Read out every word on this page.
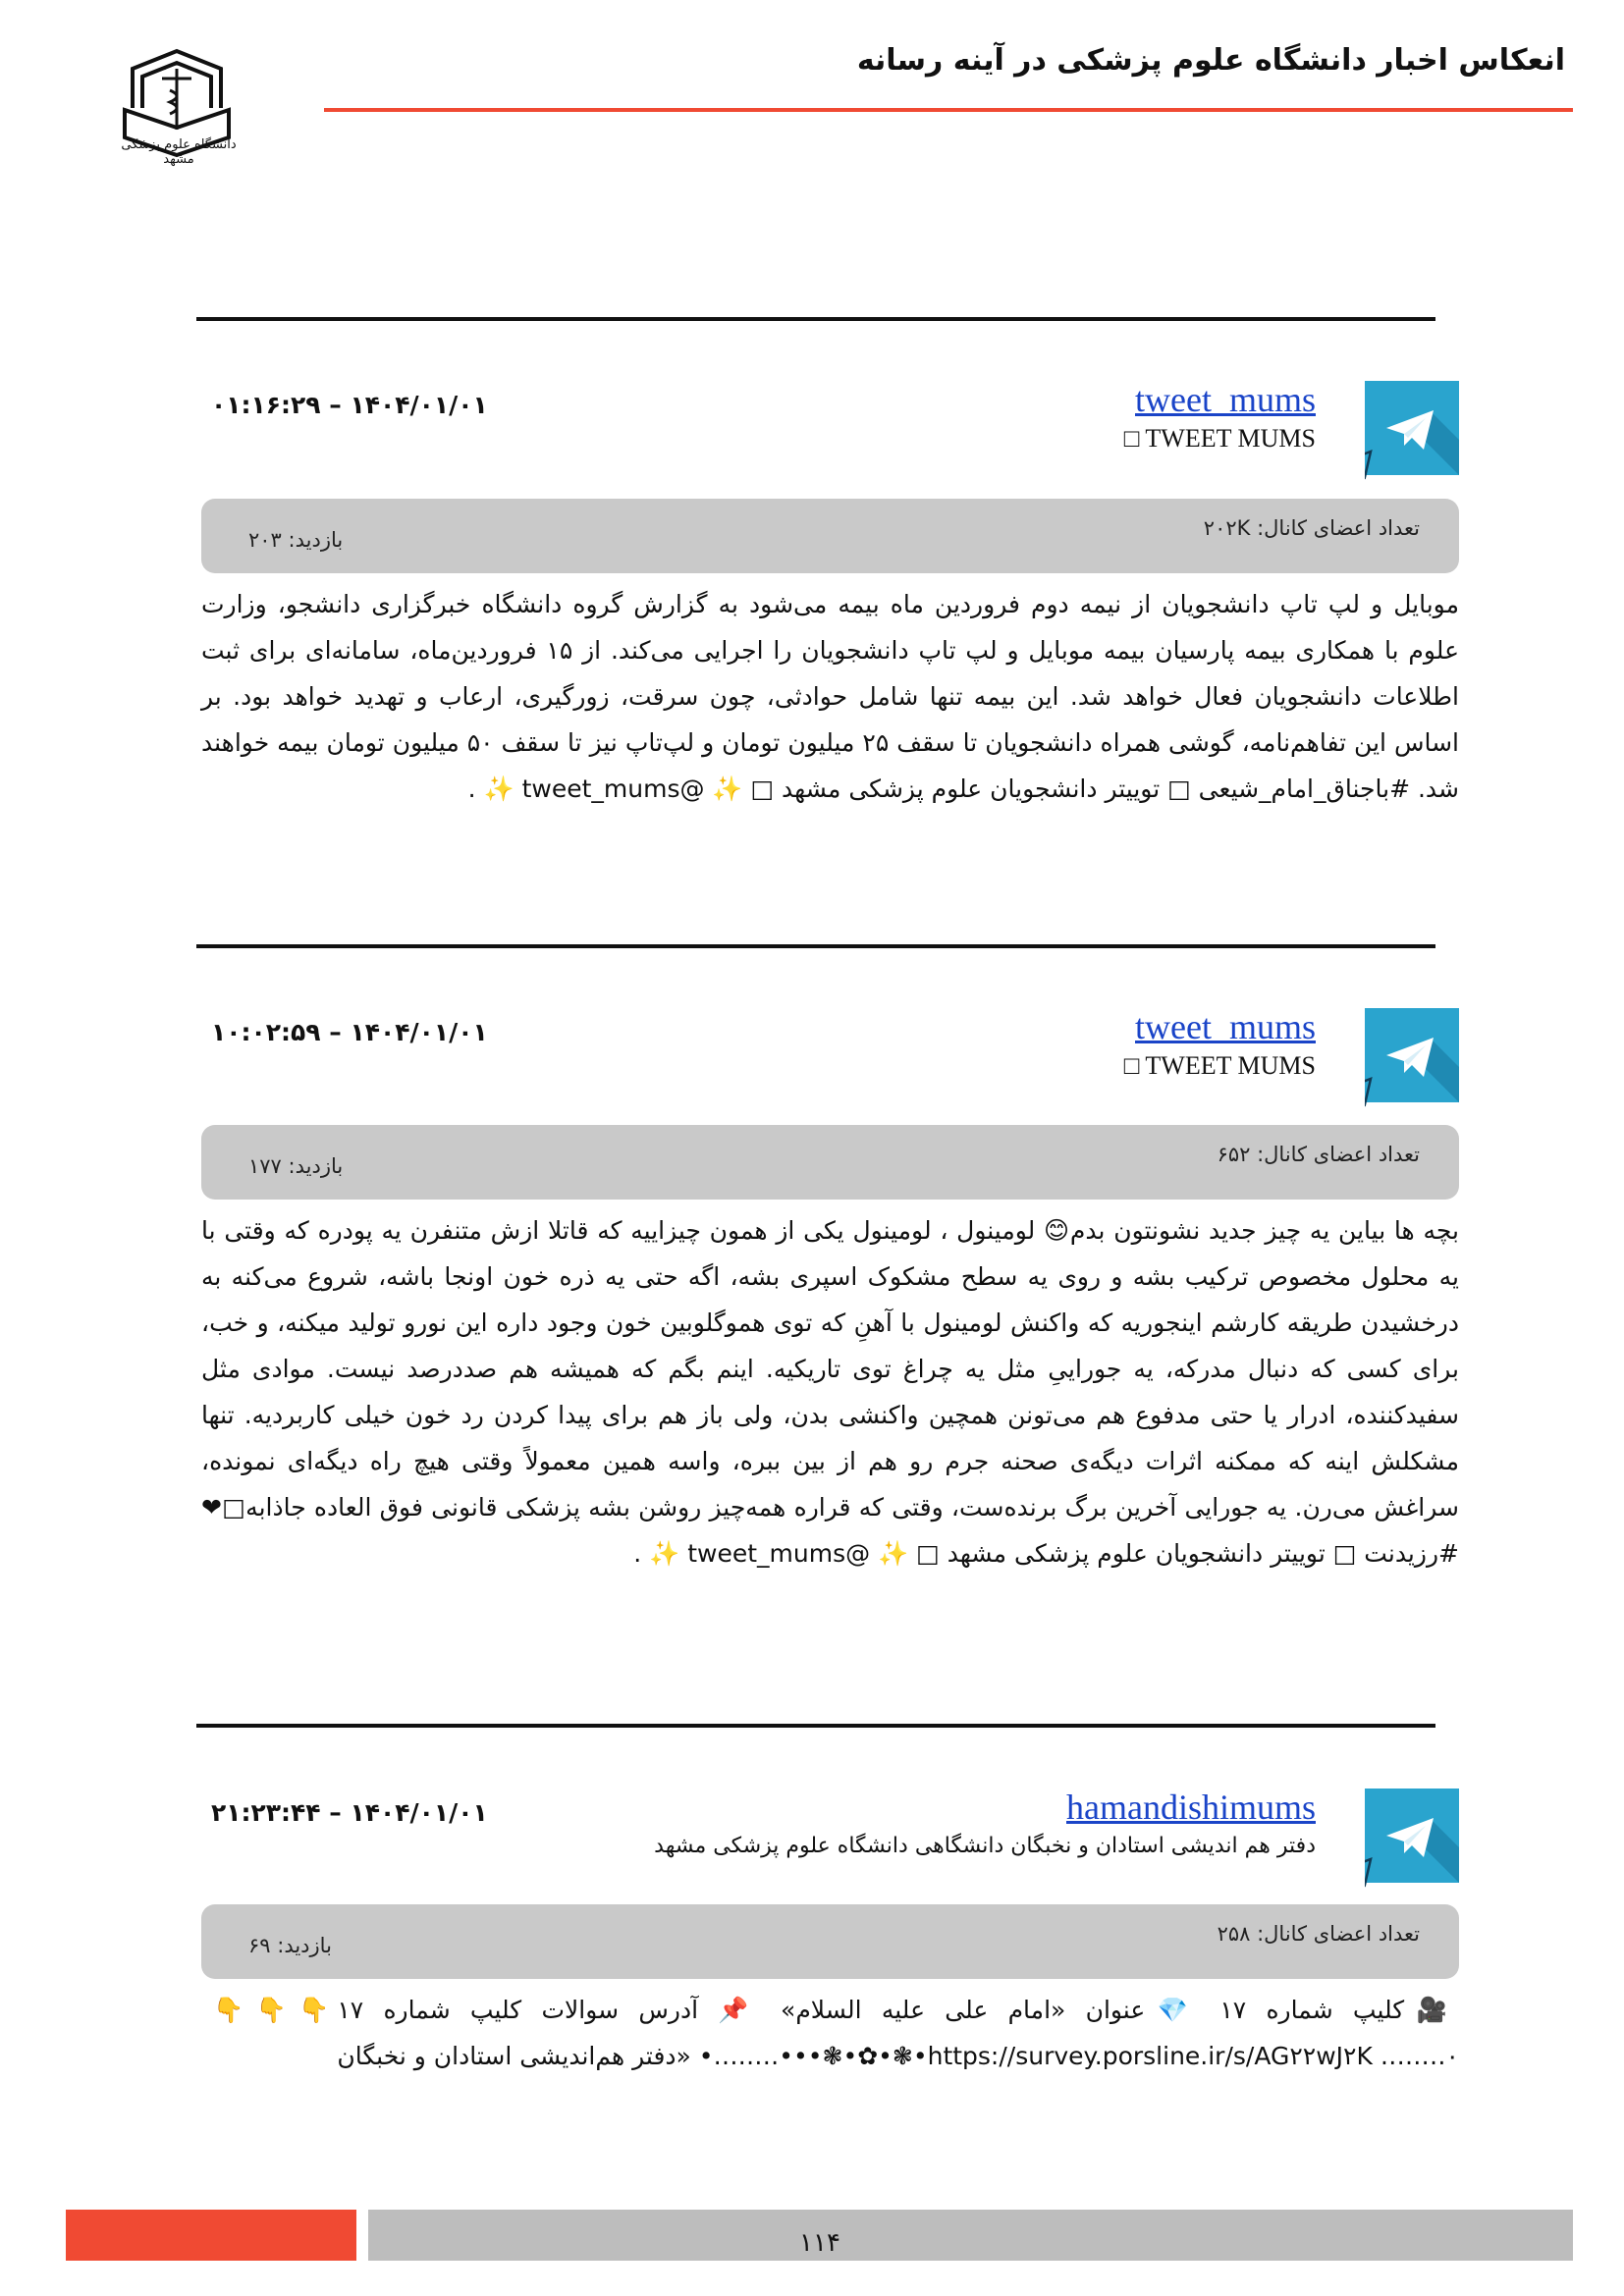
انعکاس اخبار دانشگاه علوم پزشکی در آینه رسانه
دانشگاه علوم پزشکی مشهد
tweet_mums
□ TWEET MUMS
۰۱:۱۶:۲۹ – ۱۴۰۴/۰۱/۰۱
تعداد اعضای کانال: ۲۰۲K
بازدید: ۲۰۳
موبایل و لپ تاپ دانشجویان از نیمه دوم فروردین ماه بیمه می‌شود به گزارش گروه دانشگاه خبرگزاری دانشجو، وزارت علوم با همکاری بیمه پارسیان بیمه موبایل و لپ تاپ دانشجویان را اجرایی می‌کند. از ۱۵ فروردین‌ماه، سامانه‌ای برای ثبت اطلاعات دانشجویان فعال خواهد شد. این بیمه تنها شامل حوادثی، چون سرقت، زورگیری، ارعاب و تهدید خواهد بود. بر اساس این تفاهم‌نامه، گوشی همراه دانشجویان تا سقف ۲۵ میلیون تومان و لپ‌تاپ نیز تا سقف ۵۰ میلیون تومان بیمه خواهند شد. #باجناق_امام_شیعی □ توییتر دانشجویان علوم پزشکی مشهد □ ✨ @tweet_mums ✨ .
tweet_mums
□ TWEET MUMS
۱۰:۰۲:۵۹ – ۱۴۰۴/۰۱/۰۱
تعداد اعضای کانال: ۶۵۲
بازدید: ۱۷۷
بچه ها بیاین یه چیز جدید نشونتون بدم😊 لومینول ، لومینول یکی از همون چیزاییه که قاتلا ازش متنفرن یه پودره که وقتی با یه محلول مخصوص ترکیب بشه و روی یه سطح مشکوک اسپری بشه، اگه حتی یه ذره خون اونجا باشه، شروع می‌کنه به درخشیدن طریقه کارشم اینجوریه که واکنش لومینول با آهنِ که توی هموگلوبین خون وجود داره این نورو تولید میکنه، و خب، برای کسی که دنبال مدرکه، یه جوراییِ مثل یه چراغ توی تاریکیه. اینم بگم که همیشه هم صددرصد نیست. موادی مثل سفیدکننده، ادرار یا حتی مدفوع هم می‌تونن همچین واکنشی بدن، ولی باز هم برای پیدا کردن رد خون خیلی کاربردیه. تنها مشکلش اینه که ممکنه اثرات دیگه‌ی صحنه جرم رو هم از بین ببره، واسه همین معمولاً وقتی هیچ راه دیگه‌ای نمونده، سراغش می‌رن. یه جورایی آخرین برگ برنده‌ست، وقتی که قراره همه‌چیز روشن بشه پزشکی قانونی فوق العاده جاذابه□❤ #رزیدنت □ توییتر دانشجویان علوم پزشکی مشهد □ ✨ @tweet_mums ✨ .
hamandishimums
دفتر هم اندیشی استادان و نخبگان دانشگاهی دانشگاه علوم پزشکی مشهد
۲۱:۲۳:۴۴ – ۱۴۰۴/۰۱/۰۱
تعداد اعضای کانال: ۲۵۸
بازدید: ۶۹
🎥کلیپ شماره ۱۷ 💎عنوان «امام علی علیه السلام» 📌 آدرس سوالات کلیپ شماره ۱۷ 👇👇👇 https://survey.porsline.ir/s/AG۲۲wJ۲K ‥‥‥‥۰•❃•✿•❃•••‥‥‥‥• «دفتر هم‌اندیشی استادان و نخبگان
۱۱۴
